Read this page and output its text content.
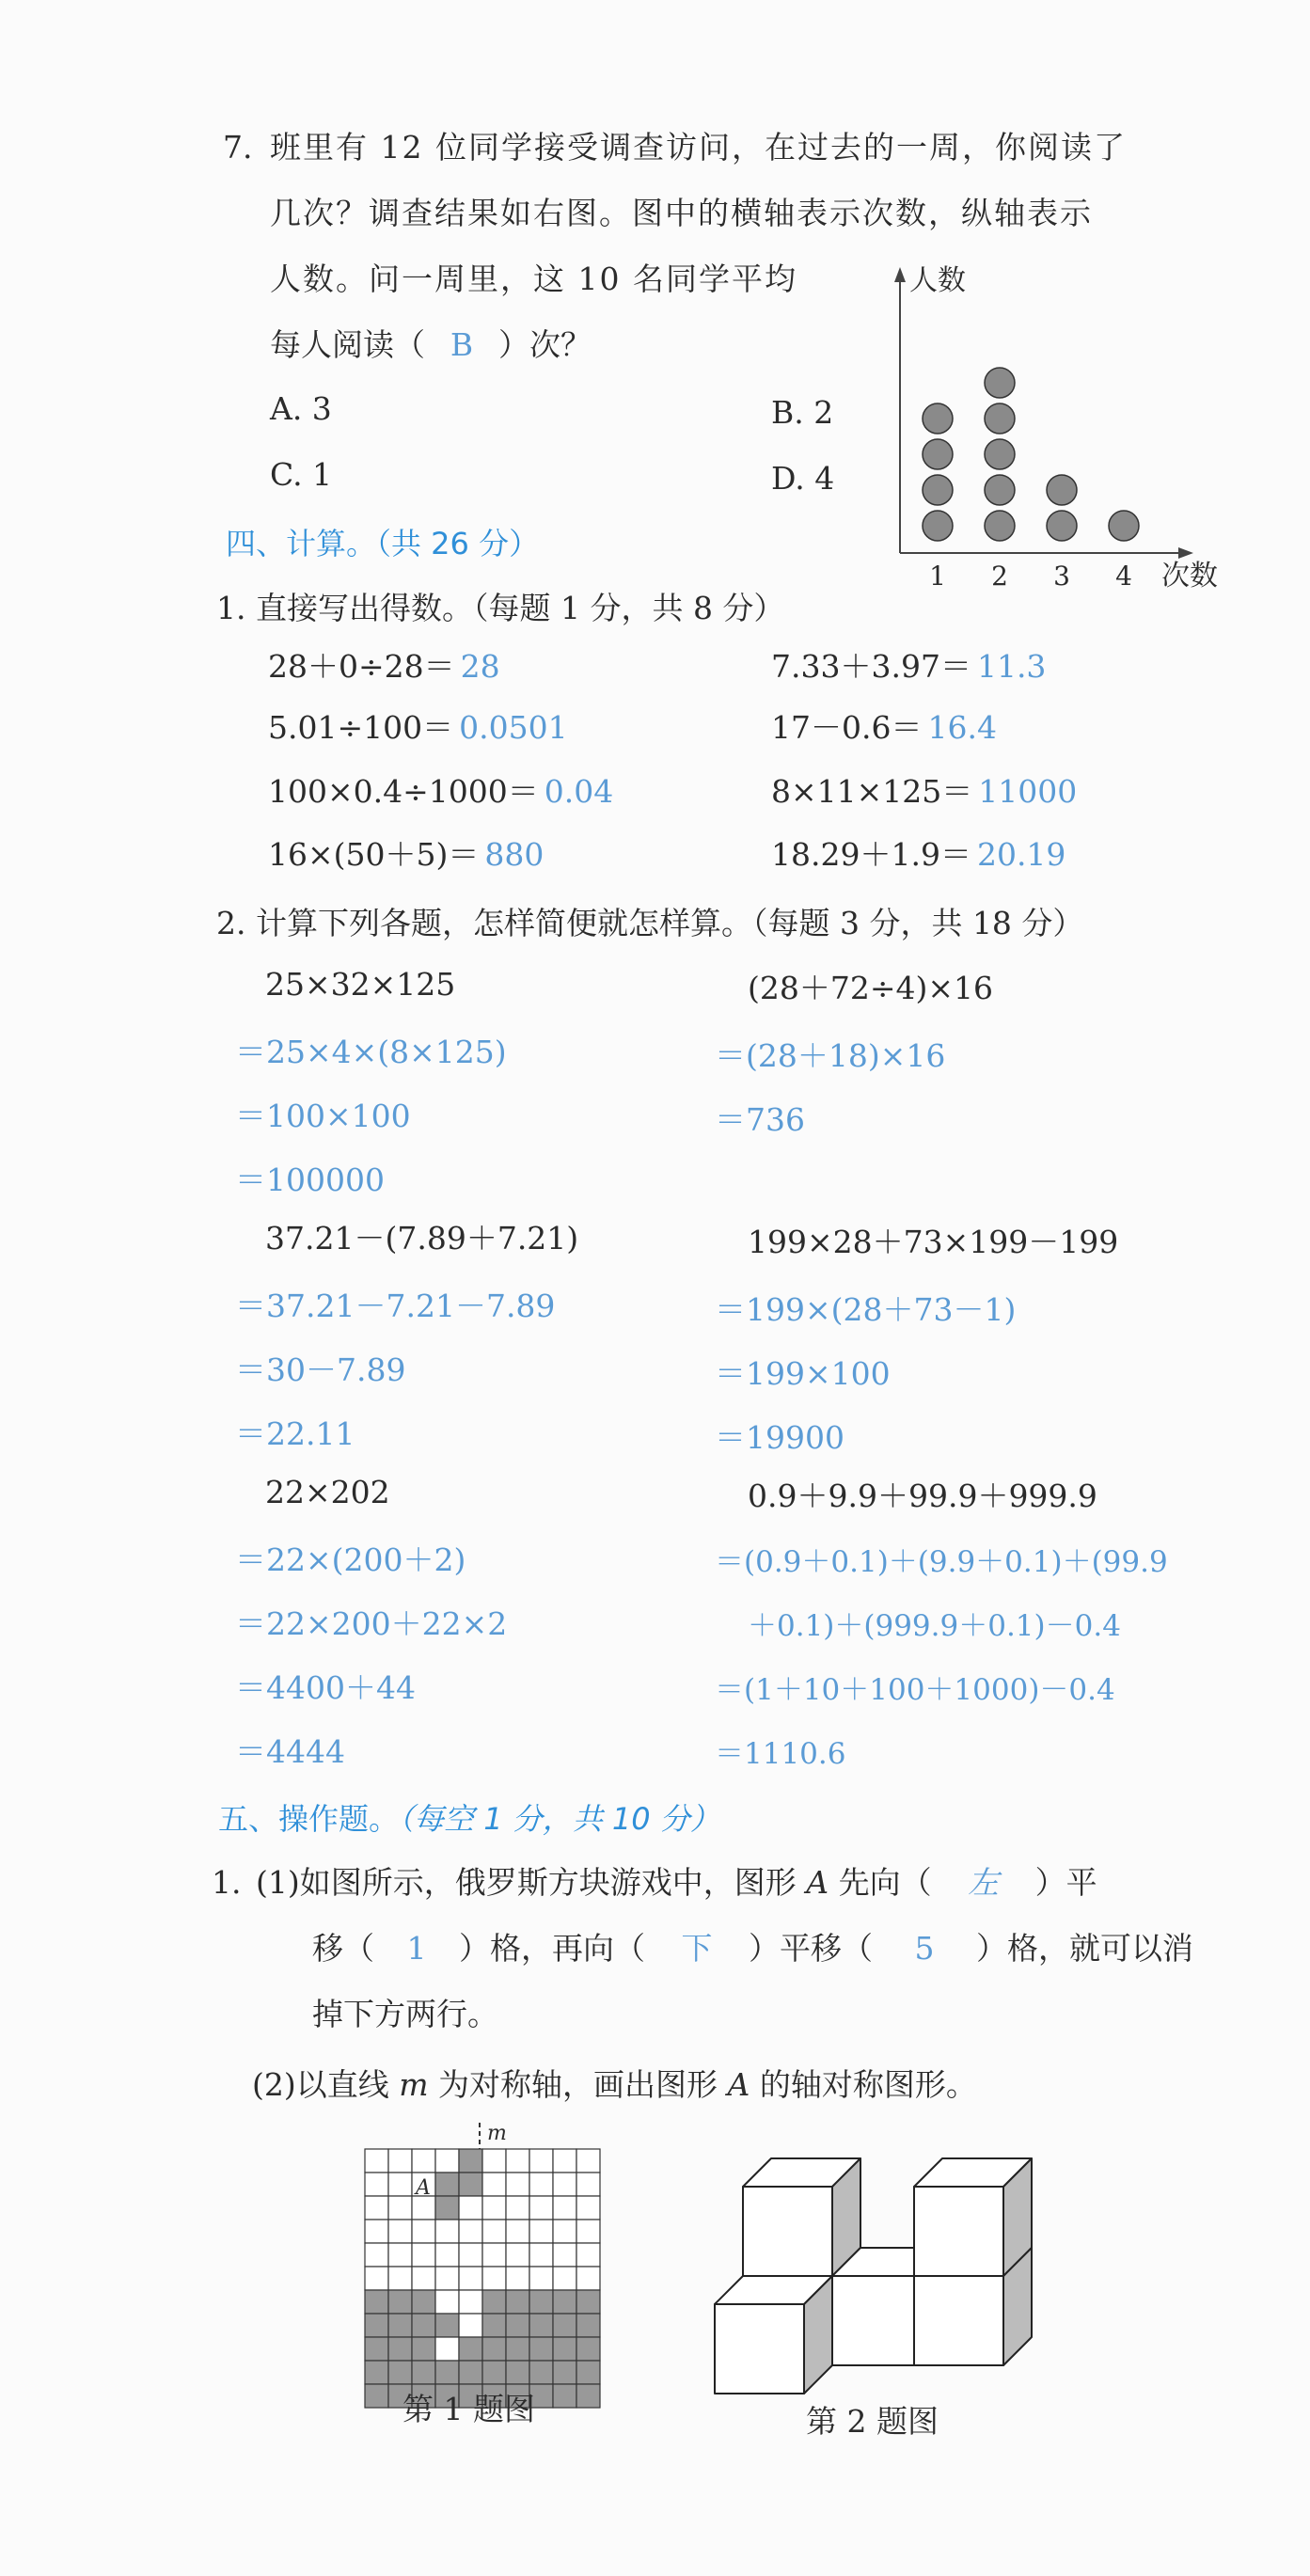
7. 班里有 12 位同学接受调查访问，在过去的一周，你阅读了
几次？调查结果如右图。图中的横轴表示次数，纵轴表示
人数。问一周里，这 10 名同学平均
每人阅读（ B ）次？
A. 3	B. 2
C. 1	D. 4
人数
次数
1 2 3 4
四、计算。（共 26 分）
1. 直接写出得数。（每题 1 分，共 8 分）
28＋0÷28＝ 28	7.33＋3.97＝ 11.3
5.01÷100＝ 0.0501	17－0.6＝ 16.4
100×0.4÷1000＝ 0.04	8×11×125＝ 11000
16×(50＋5)＝ 880	18.29＋1.9＝ 20.19
2. 计算下列各题，怎样简便就怎样算。（每题 3 分，共 18 分）
25×32×125
＝25×4×(8×125)
＝100×100
＝100000
(28＋72÷4)×16
＝(28＋18)×16
＝736
37.21－(7.89＋7.21)
＝37.21－7.21－7.89
＝30－7.89
＝22.11
199×28＋73×199－199
＝199×(28＋73－1)
＝199×100
＝19900
22×202
＝22×(200＋2)
＝22×200＋22×2
＝4400＋44
＝4444
0.9＋9.9＋99.9＋999.9
＝(0.9＋0.1)＋(9.9＋0.1)＋(99.9
＋0.1)＋(999.9＋0.1)－0.4
＝(1＋10＋100＋1000)－0.4
＝1110.6
五、操作题。（每空 1 分，共 10 分）
1. (1)如图所示，俄罗斯方块游戏中，图形 A 先向（ 左 ）平
移（ 1 ）格，再向（ 下 ）平移（ 5 ）格，就可以消
掉下方两行。
(2)以直线 m 为对称轴，画出图形 A 的轴对称图形。
m
A
第 1 题图	第 2 题图
